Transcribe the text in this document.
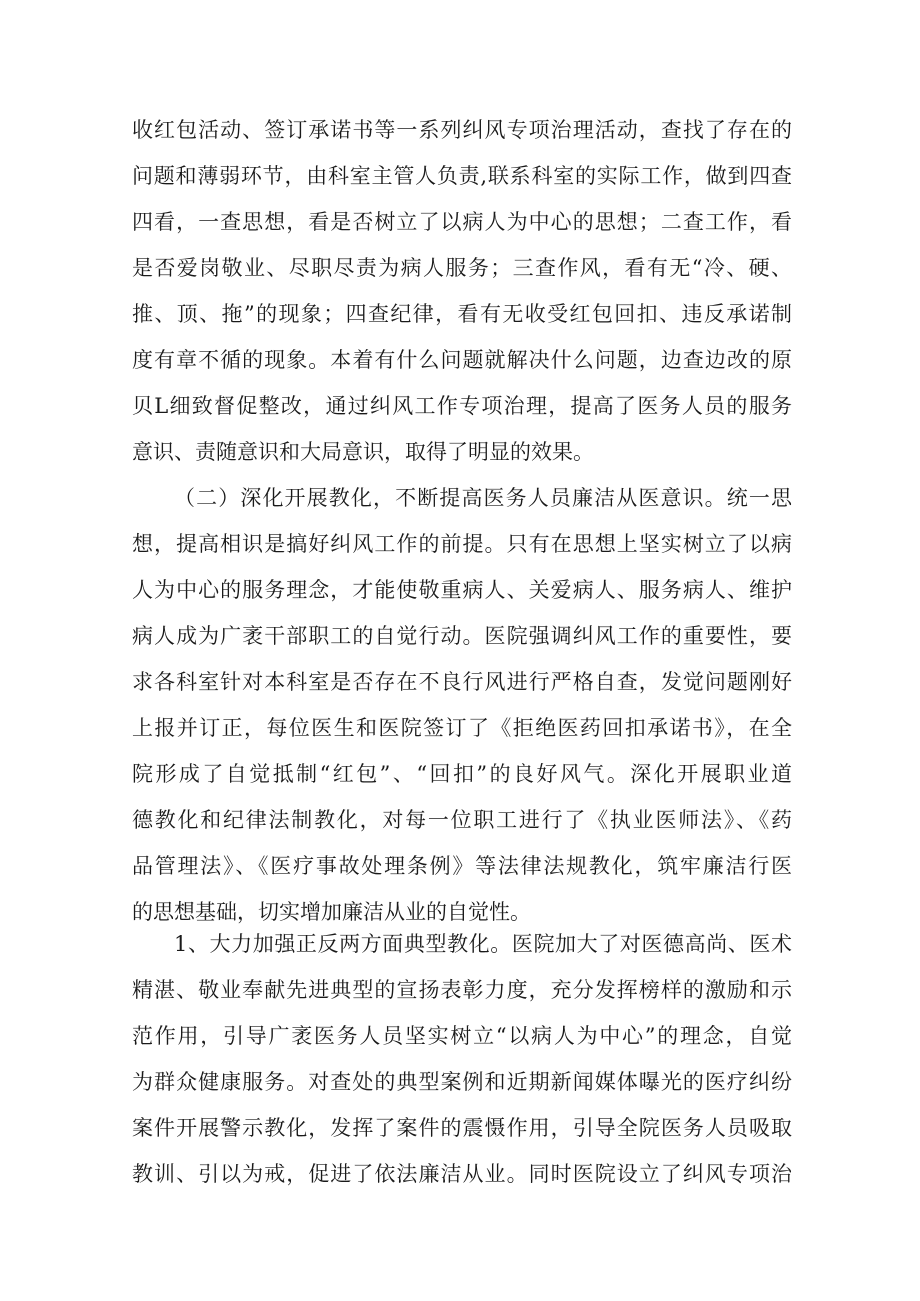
收红包活动、签订承诺书等一系列纠风专项治理活动，查找了存在的
问题和薄弱环节，由科室主管人负责,联系科室的实际工作，做到四查
四看，一查思想，看是否树立了以病人为中心的思想；二查工作，看
是否爱岗敬业、尽职尽责为病人服务；三查作风，看有无“冷、硬、
推、顶、拖”的现象；四查纪律，看有无收受红包回扣、违反承诺制
度有章不循的现象。本着有什么问题就解决什么问题，边查边改的原
贝L细致督促整改，通过纠风工作专项治理，提高了医务人员的服务
意识、责随意识和大局意识，取得了明显的效果。
（二）深化开展教化，不断提高医务人员廉洁从医意识。统一思
想，提高相识是搞好纠风工作的前提。只有在思想上坚实树立了以病
人为中心的服务理念，才能使敬重病人、关爱病人、服务病人、维护
病人成为广袤干部职工的自觉行动。医院强调纠风工作的重要性，要
求各科室针对本科室是否存在不良行风进行严格自查，发觉问题刚好
上报并订正，每位医生和医院签订了《拒绝医药回扣承诺书》，在全
院形成了自觉抵制“红包”、“回扣”的良好风气。深化开展职业道
德教化和纪律法制教化，对每一位职工进行了《执业医师法》、《药
品管理法》、《医疗事故处理条例》等法律法规教化，筑牢廉洁行医
的思想基础，切实增加廉洁从业的自觉性。
1、大力加强正反两方面典型教化。医院加大了对医德高尚、医术
精湛、敬业奉献先进典型的宣扬表彰力度，充分发挥榜样的激励和示
范作用，引导广袤医务人员坚实树立“以病人为中心”的理念，自觉
为群众健康服务。对查处的典型案例和近期新闻媒体曝光的医疗纠纷
案件开展警示教化，发挥了案件的震慑作用，引导全院医务人员吸取
教训、引以为戒，促进了依法廉洁从业。同时医院设立了纠风专项治
